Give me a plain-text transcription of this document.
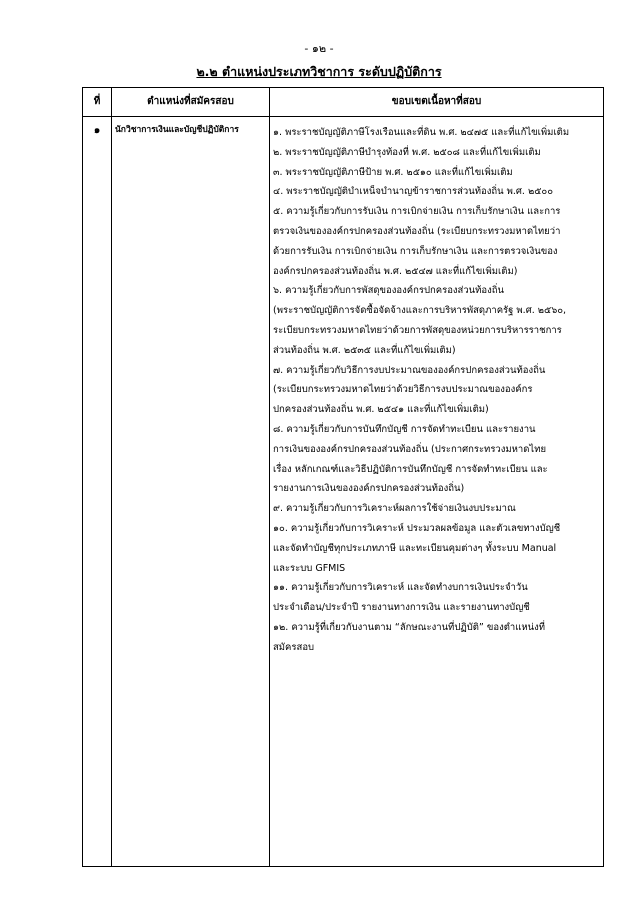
- ๑๒ -
๒.๒ ตำแหน่งประเภทวิชาการ ระดับปฏิบัติการ
ที่	ตำแหน่งที่สมัครสอบ	ขอบเขตเนื้อหาที่สอบ
๑	นักวิชาการเงินและบัญชีปฏิบัติการ	๑. พระราชบัญญัติภาษีโรงเรือนและที่ดิน พ.ศ. ๒๔๗๕ และที่แก้ไขเพิ่มเติม
๒. พระราชบัญญัติภาษีบำรุงท้องที่ พ.ศ. ๒๕๐๘ และที่แก้ไขเพิ่มเติม
๓. พระราชบัญญัติภาษีป้าย พ.ศ. ๒๕๑๐ และที่แก้ไขเพิ่มเติม
๔. พระราชบัญญัติบำเหน็จบำนาญข้าราชการส่วนท้องถิ่น พ.ศ. ๒๕๐๐
๕. ความรู้เกี่ยวกับการรับเงิน การเบิกจ่ายเงิน การเก็บรักษาเงิน และการ
ตรวจเงินขององค์กรปกครองส่วนท้องถิ่น (ระเบียบกระทรวงมหาดไทยว่า
ด้วยการรับเงิน การเบิกจ่ายเงิน การเก็บรักษาเงิน และการตรวจเงินของ
องค์กรปกครองส่วนท้องถิ่น พ.ศ. ๒๕๔๗ และที่แก้ไขเพิ่มเติม)
๖. ความรู้เกี่ยวกับการพัสดุขององค์กรปกครองส่วนท้องถิ่น
(พระราชบัญญัติการจัดซื้อจัดจ้างและการบริหารพัสดุภาครัฐ พ.ศ. ๒๕๖๐,
ระเบียบกระทรวงมหาดไทยว่าด้วยการพัสดุของหน่วยการบริหารราชการ
ส่วนท้องถิ่น พ.ศ. ๒๕๓๕ และที่แก้ไขเพิ่มเติม)
๗. ความรู้เกี่ยวกับวิธีการงบประมาณขององค์กรปกครองส่วนท้องถิ่น
(ระเบียบกระทรวงมหาดไทยว่าด้วยวิธีการงบประมาณขององค์กร
ปกครองส่วนท้องถิ่น พ.ศ. ๒๕๔๑ และที่แก้ไขเพิ่มเติม)
๘. ความรู้เกี่ยวกับการบันทึกบัญชี การจัดทำทะเบียน และรายงาน
การเงินขององค์กรปกครองส่วนท้องถิ่น (ประกาศกระทรวงมหาดไทย
เรื่อง หลักเกณฑ์และวิธีปฏิบัติการบันทึกบัญชี การจัดทำทะเบียน และ
รายงานการเงินขององค์กรปกครองส่วนท้องถิ่น)
๙. ความรู้เกี่ยวกับการวิเคราะห์ผลการใช้จ่ายเงินงบประมาณ
๑๐. ความรู้เกี่ยวกับการวิเคราะห์ ประมวลผลข้อมูล และตัวเลขทางบัญชี
และจัดทำบัญชีทุกประเภทภาษี และทะเบียนคุมต่างๆ ทั้งระบบ Manual
และระบบ GFMIS
๑๑. ความรู้เกี่ยวกับการวิเคราะห์ และจัดทำงบการเงินประจำวัน
ประจำเดือน/ประจำปี รายงานทางการเงิน และรายงานทางบัญชี
๑๒. ความรู้ที่เกี่ยวกับงานตาม “ลักษณะงานที่ปฏิบัติ” ของตำแหน่งที่
สมัครสอบ
